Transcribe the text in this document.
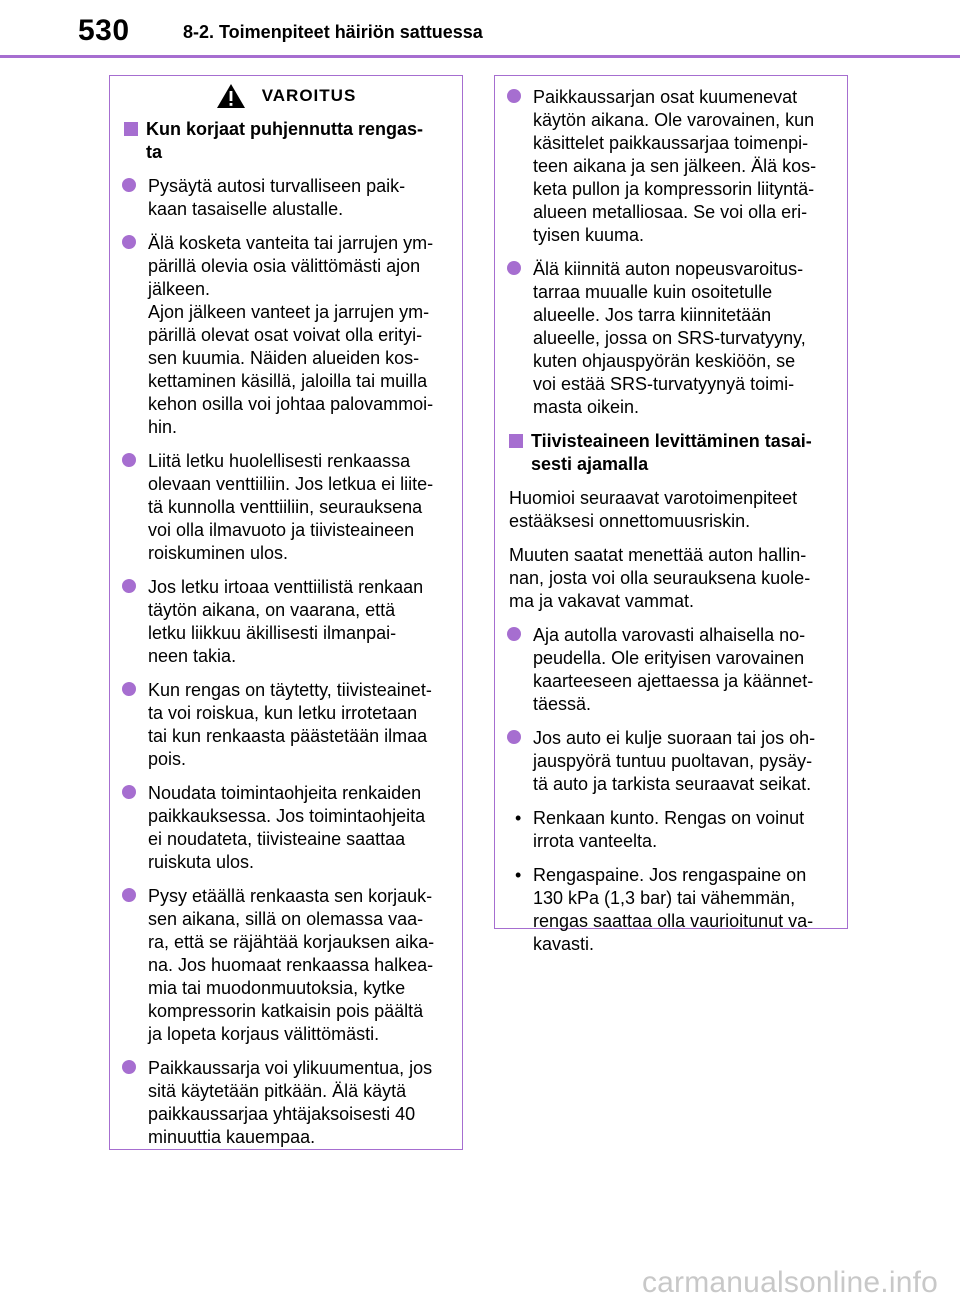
530	8-2. Toimenpiteet häiriön sattuessa
VAROITUS
Kun korjaat puhjennutta rengas-
ta
Pysäytä autosi turvalliseen paik-
kaan tasaiselle alustalle.
Älä kosketa vanteita tai jarrujen ym-
pärillä olevia osia välittömästi ajon
jälkeen.
Ajon jälkeen vanteet ja jarrujen ym-
pärillä olevat osat voivat olla erityi-
sen kuumia. Näiden alueiden kos-
kettaminen käsillä, jaloilla tai muilla
kehon osilla voi johtaa palovammoi-
hin.
Liitä letku huolellisesti renkaassa
olevaan venttiiliin. Jos letkua ei liite-
tä kunnolla venttiiliin, seurauksena
voi olla ilmavuoto ja tiivisteaineen
roiskuminen ulos.
Jos letku irtoaa venttiilistä renkaan
täytön aikana, on vaarana, että
letku liikkuu äkillisesti ilmanpai-
neen takia.
Kun rengas on täytetty, tiivisteainet-
ta voi roiskua, kun letku irrotetaan
tai kun renkaasta päästetään ilmaa
pois.
Noudata toimintaohjeita renkaiden
paikkauksessa. Jos toimintaohjeita
ei noudateta, tiivisteaine saattaa
ruiskuta ulos.
Pysy etäällä renkaasta sen korjauk-
sen aikana, sillä on olemassa vaa-
ra, että se räjähtää korjauksen aika-
na. Jos huomaat renkaassa halkea-
mia tai muodonmuutoksia, kytke
kompressorin katkaisin pois päältä
ja lopeta korjaus välittömästi.
Paikkaussarja voi ylikuumentua, jos
sitä käytetään pitkään. Älä käytä
paikkaussarjaa yhtäjaksoisesti 40
minuuttia kauempaa.
Paikkaussarjan osat kuumenevat
käytön aikana. Ole varovainen, kun
käsittelet paikkaussarjaa toimenpi-
teen aikana ja sen jälkeen. Älä kos-
keta pullon ja kompressorin liityntä-
alueen metalliosaa. Se voi olla eri-
tyisen kuuma.
Älä kiinnitä auton nopeusvaroitus-
tarraa muualle kuin osoitetulle
alueelle. Jos tarra kiinnitetään
alueelle, jossa on SRS-turvatyyny,
kuten ohjauspyörän keskiöön, se
voi estää SRS-turvatyynyä toimi-
masta oikein.
Tiivisteaineen levittäminen tasai-
sesti ajamalla
Huomioi seuraavat varotoimenpiteet
estääksesi onnettomuusriskin.
Muuten saatat menettää auton hallin-
nan, josta voi olla seurauksena kuole-
ma ja vakavat vammat.
Aja autolla varovasti alhaisella no-
peudella. Ole erityisen varovainen
kaarteeseen ajettaessa ja käännet-
täessä.
Jos auto ei kulje suoraan tai jos oh-
jauspyörä tuntuu puoltavan, pysäy-
tä auto ja tarkista seuraavat seikat.
• Renkaan kunto. Rengas on voinut
irrota vanteelta.
• Rengaspaine. Jos rengaspaine on
130 kPa (1,3 bar) tai vähemmän,
rengas saattaa olla vaurioitunut va-
kavasti.
carmanualsonline.info
